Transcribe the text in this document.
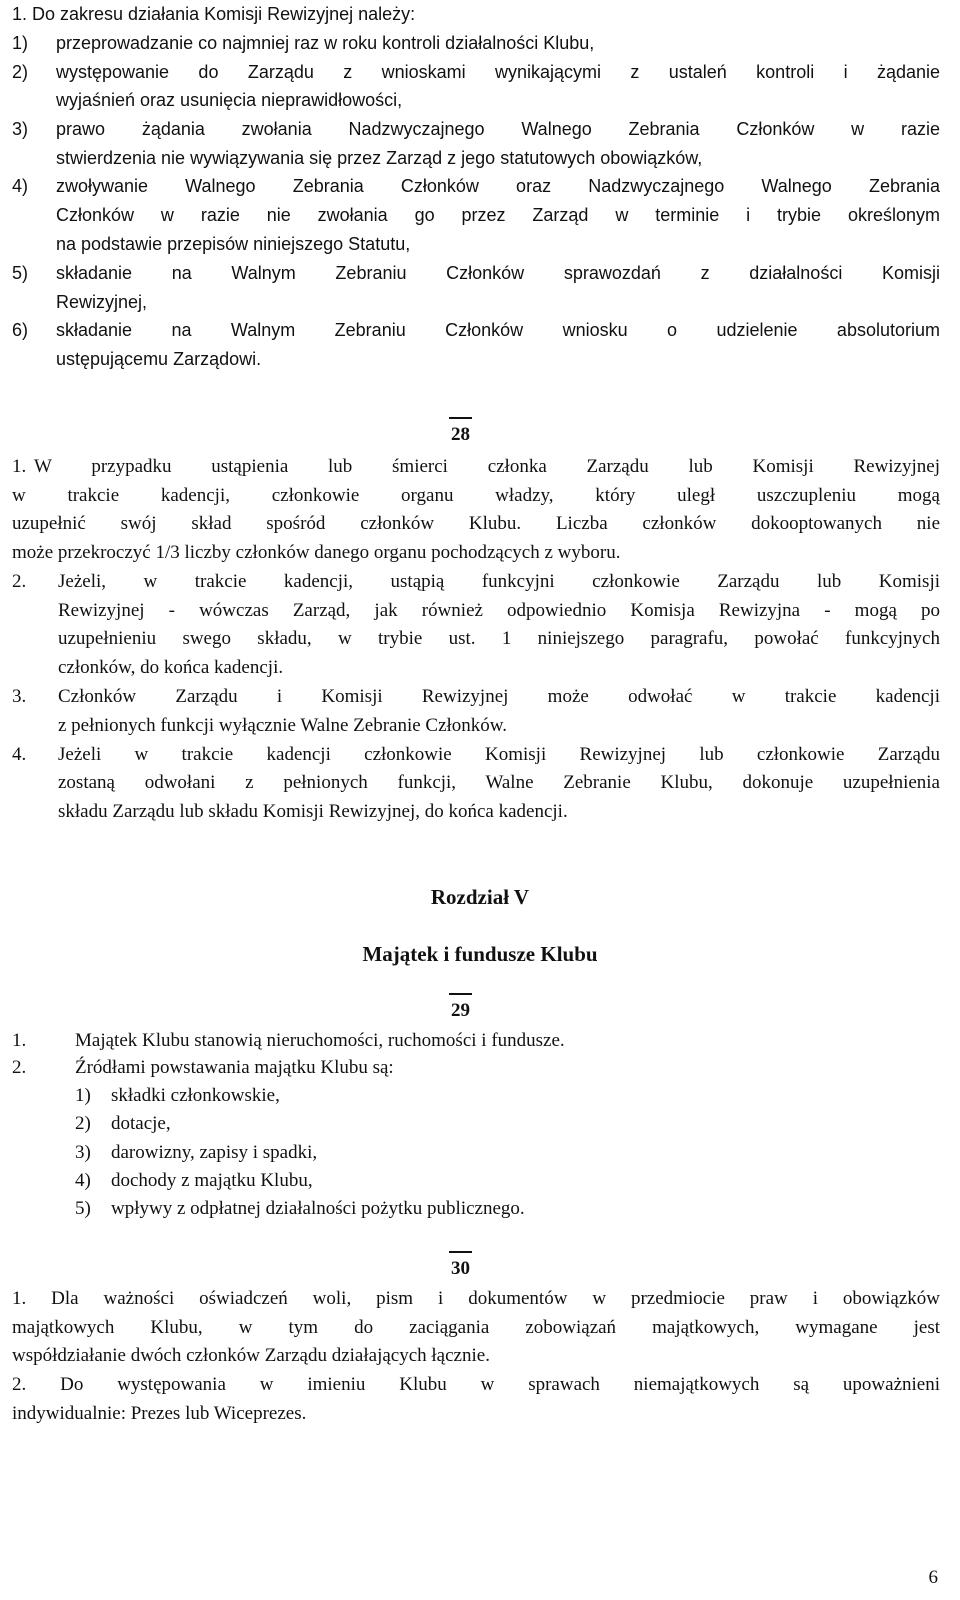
1. Do zakresu działania Komisji Rewizyjnej należy:
1) przeprowadzanie co najmniej raz w roku kontroli działalności Klubu,
2) występowanie do Zarządu z wnioskami wynikającymi z ustaleń kontroli i żądanie
wyjaśnień oraz usunięcia nieprawidłowości,
3) prawo żądania zwołania Nadzwyczajnego Walnego Zebrania Członków w razie
stwierdzenia nie wywiązywania się przez Zarząd z jego statutowych obowiązków,
4) zwoływanie Walnego Zebrania Członków oraz Nadzwyczajnego Walnego Zebrania
Członków w razie nie zwołania go przez Zarząd w terminie i trybie określonym
na podstawie przepisów niniejszego Statutu,
5) składanie na Walnym Zebraniu Członków sprawozdań z działalności Komisji
Rewizyjnej,
6) składanie na Walnym Zebraniu Członków wniosku o udzielenie absolutorium
ustępującemu Zarządowi.
28
1. W przypadku ustąpienia lub śmierci członka Zarządu lub Komisji Rewizyjnej
w trakcie kadencji, członkowie organu władzy, który uległ uszczupleniu mogą
uzupełnić swój skład spośród członków Klubu. Liczba członków dokooptowanych nie
może przekroczyć 1/3 liczby członków danego organu pochodzących z wyboru.
2. Jeżeli, w trakcie kadencji, ustąpią funkcyjni członkowie Zarządu lub Komisji
Rewizyjnej - wówczas Zarząd, jak również odpowiednio Komisja Rewizyjna - mogą po
uzupełnieniu swego składu, w trybie ust. 1 niniejszego paragrafu, powołać funkcyjnych
członków, do końca kadencji.
3. Członków Zarządu i Komisji Rewizyjnej może odwołać w trakcie kadencji
z pełnionych funkcji wyłącznie Walne Zebranie Członków.
4. Jeżeli w trakcie kadencji członkowie Komisji Rewizyjnej lub członkowie Zarządu
zostaną odwołani z pełnionych funkcji, Walne Zebranie Klubu, dokonuje uzupełnienia
składu Zarządu lub składu Komisji Rewizyjnej, do końca kadencji.
Rozdział V
Majątek i fundusze Klubu
29
1.	Majątek Klubu stanowią nieruchomości, ruchomości i fundusze.
2.	Źródłami powstawania majątku Klubu są:
1) składki członkowskie,
2) dotacje,
3) darowizny, zapisy i spadki,
4) dochody z majątku Klubu,
5) wpływy z odpłatnej działalności pożytku publicznego.
30
1. Dla ważności oświadczeń woli, pism i dokumentów w przedmiocie praw i obowiązków
majątkowych Klubu, w tym do zaciągania zobowiązań majątkowych, wymagane jest
współdziałanie dwóch członków Zarządu działających łącznie.
2. Do występowania w imieniu Klubu w sprawach niemajątkowych są upoważnieni
indywidualnie: Prezes lub Wiceprezes.
6
